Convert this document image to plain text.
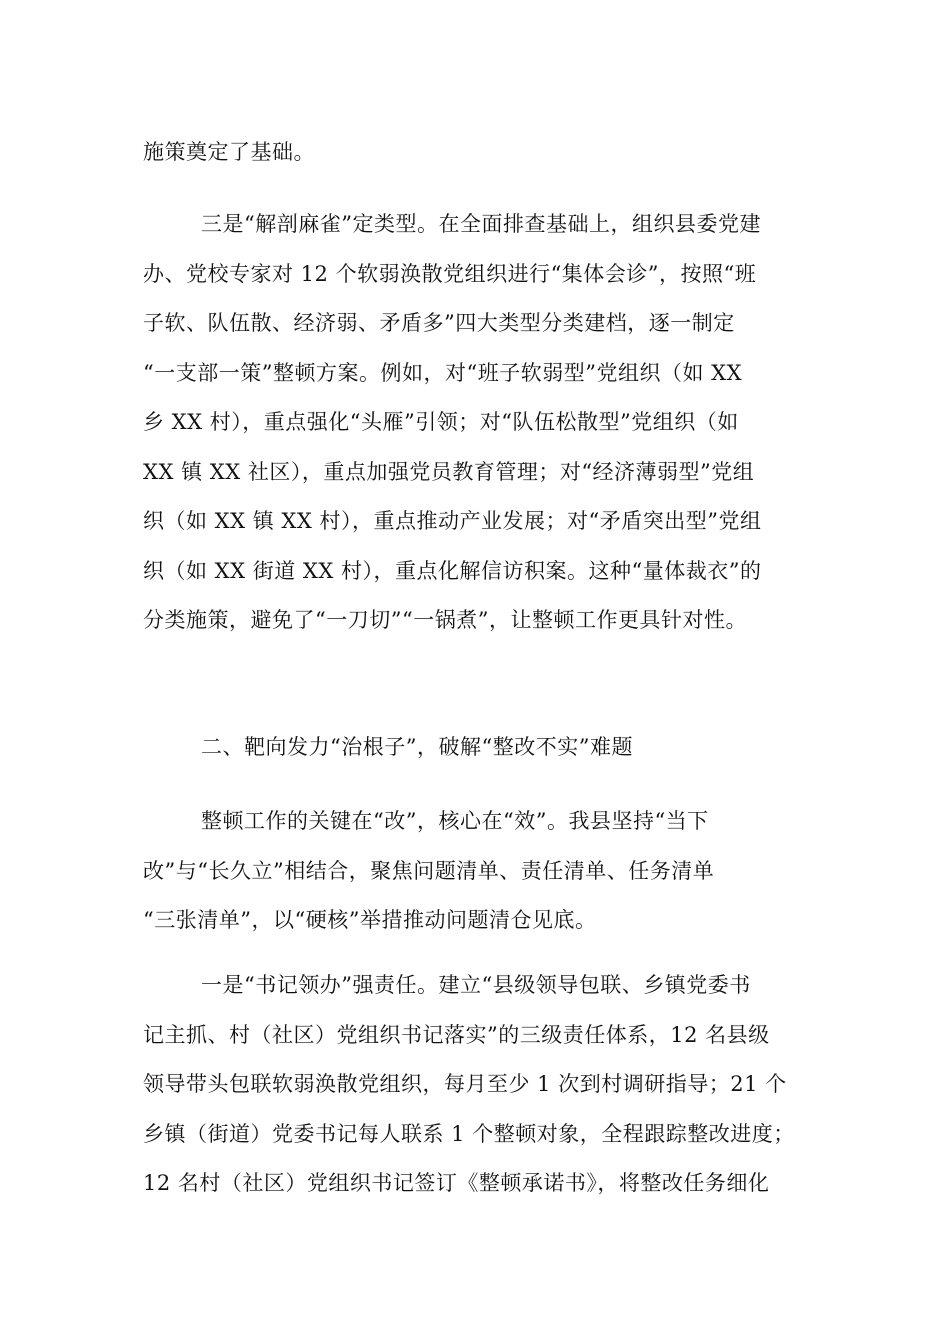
施策奠定了基础。
三是“解剖麻雀”定类型。在全面排查基础上，组织县委党建
办、党校专家对 12 个软弱涣散党组织进行“集体会诊”，按照“班
子软、队伍散、经济弱、矛盾多”四大类型分类建档，逐一制定
“一支部一策”整顿方案。例如，对“班子软弱型”党组织（如 XX
乡 XX 村），重点强化“头雁”引领；对“队伍松散型”党组织（如
XX 镇 XX 社区），重点加强党员教育管理；对“经济薄弱型”党组
织（如 XX 镇 XX 村），重点推动产业发展；对“矛盾突出型”党组
织（如 XX 街道 XX 村），重点化解信访积案。这种“量体裁衣”的
分类施策，避免了“一刀切”“一锅煮”，让整顿工作更具针对性。
二、靶向发力“治根子”，破解“整改不实”难题
整顿工作的关键在“改”，核心在“效”。我县坚持“当下
改”与“长久立”相结合，聚焦问题清单、责任清单、任务清单
“三张清单”，以“硬核”举措推动问题清仓见底。
一是“书记领办”强责任。建立“县级领导包联、乡镇党委书
记主抓、村（社区）党组织书记落实”的三级责任体系，12 名县级
领导带头包联软弱涣散党组织，每月至少 1 次到村调研指导；21 个
乡镇（街道）党委书记每人联系 1 个整顿对象，全程跟踪整改进度；
12 名村（社区）党组织书记签订《整顿承诺书》，将整改任务细化
